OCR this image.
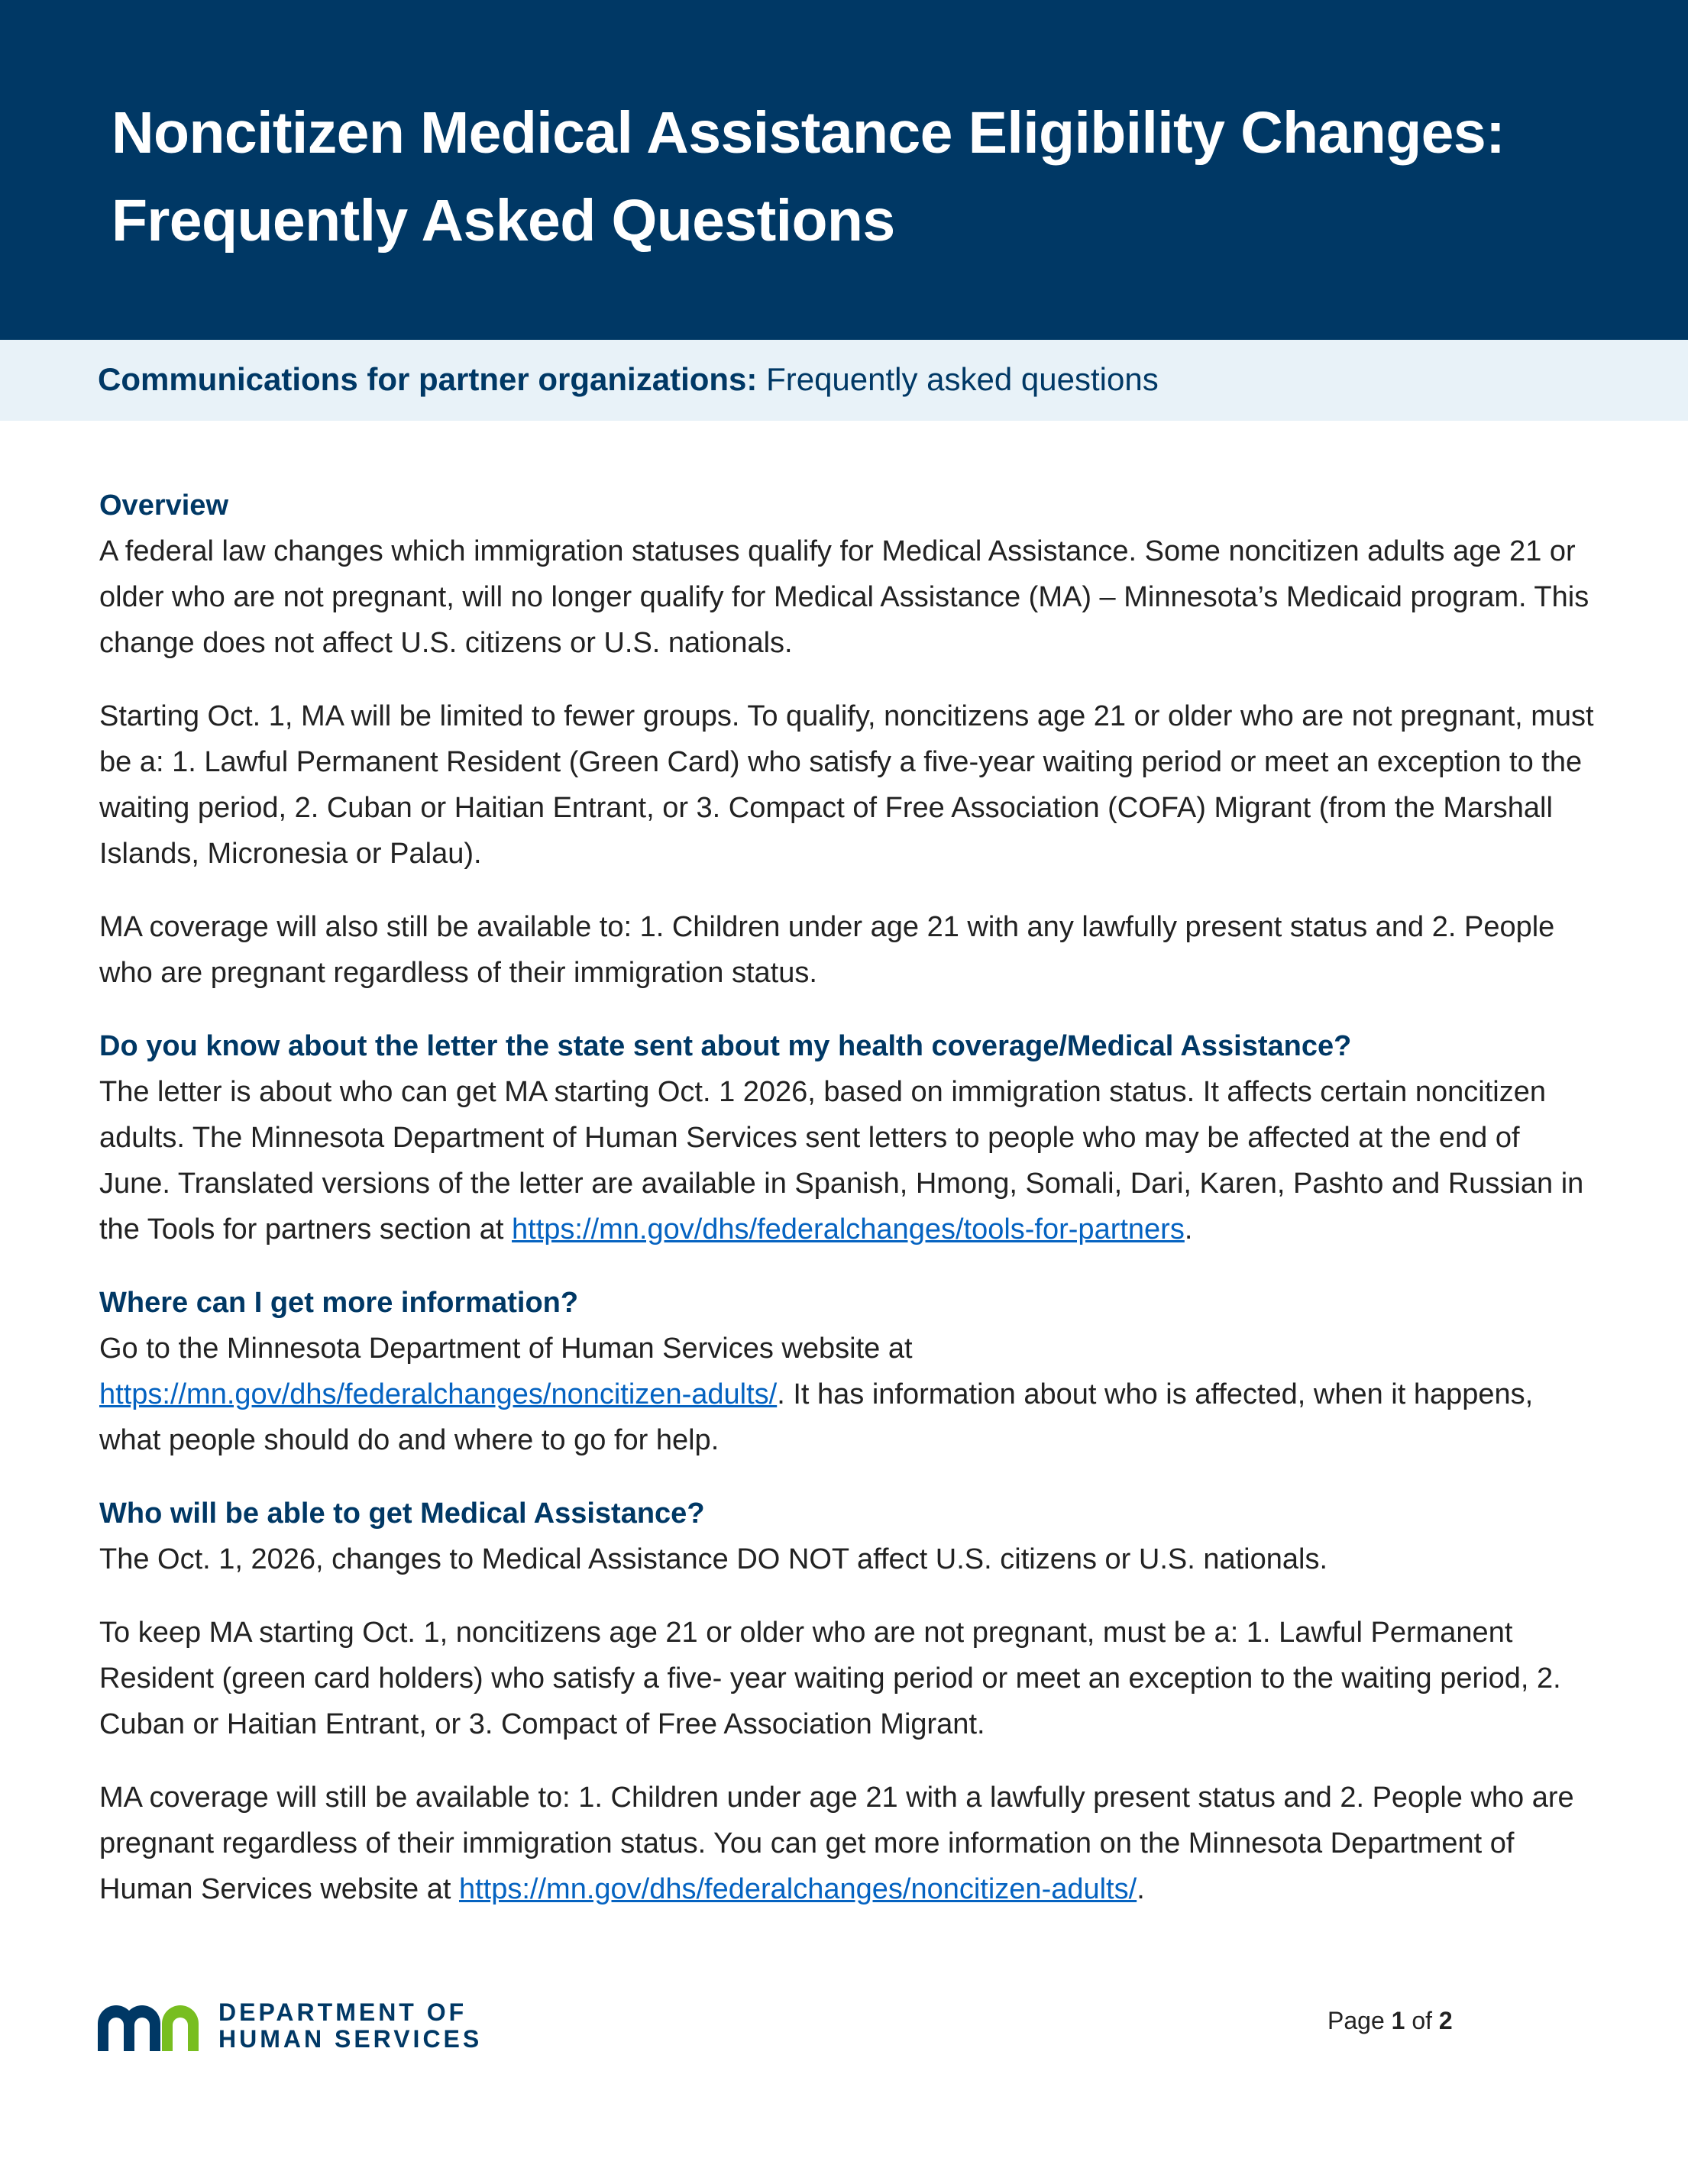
Noncitizen Medical Assistance Eligibility Changes:
Frequently Asked Questions
Communications for partner organizations: Frequently asked questions
Overview

A federal law changes which immigration statuses qualify for Medical Assistance. Some noncitizen adults age 21 or older who are not pregnant, will no longer qualify for Medical Assistance (MA) – Minnesota’s Medicaid program. This change does not affect U.S. citizens or U.S. nationals.

Starting Oct. 1, MA will be limited to fewer groups. To qualify, noncitizens age 21 or older who are not pregnant, must be a: 1. Lawful Permanent Resident (Green Card) who satisfy a five-year waiting period or meet an exception to the waiting period, 2. Cuban or Haitian Entrant, or 3. Compact of Free Association (COFA) Migrant (from the Marshall Islands, Micronesia or Palau).

MA coverage will also still be available to: 1. Children under age 21 with any lawfully present status and 2. People who are pregnant regardless of their immigration status.

Do you know about the letter the state sent about my health coverage/Medical Assistance?

The letter is about who can get MA starting Oct. 1 2026, based on immigration status. It affects certain noncitizen adults. The Minnesota Department of Human Services sent letters to people who may be affected at the end of June. Translated versions of the letter are available in Spanish, Hmong, Somali, Dari, Karen, Pashto and Russian in the Tools for partners section at https://mn.gov/dhs/federalchanges/tools-for-partners.

Where can I get more information?

Go to the Minnesota Department of Human Services website at
https://mn.gov/dhs/federalchanges/noncitizen-adults/. It has information about who is affected, when it happens, what people should do and where to go for help.

Who will be able to get Medical Assistance?

The Oct. 1, 2026, changes to Medical Assistance DO NOT affect U.S. citizens or U.S. nationals.

To keep MA starting Oct. 1, noncitizens age 21 or older who are not pregnant, must be a: 1. Lawful Permanent Resident (green card holders) who satisfy a five- year waiting period or meet an exception to the waiting period, 2. Cuban or Haitian Entrant, or 3. Compact of Free Association Migrant.

MA coverage will still be available to: 1. Children under age 21 with a lawfully present status and 2. People who are pregnant regardless of their immigration status. You can get more information on the Minnesota Department of Human Services website at https://mn.gov/dhs/federalchanges/noncitizen-adults/.

DEPARTMENT OF
HUMAN SERVICES
Page 1 of 2
